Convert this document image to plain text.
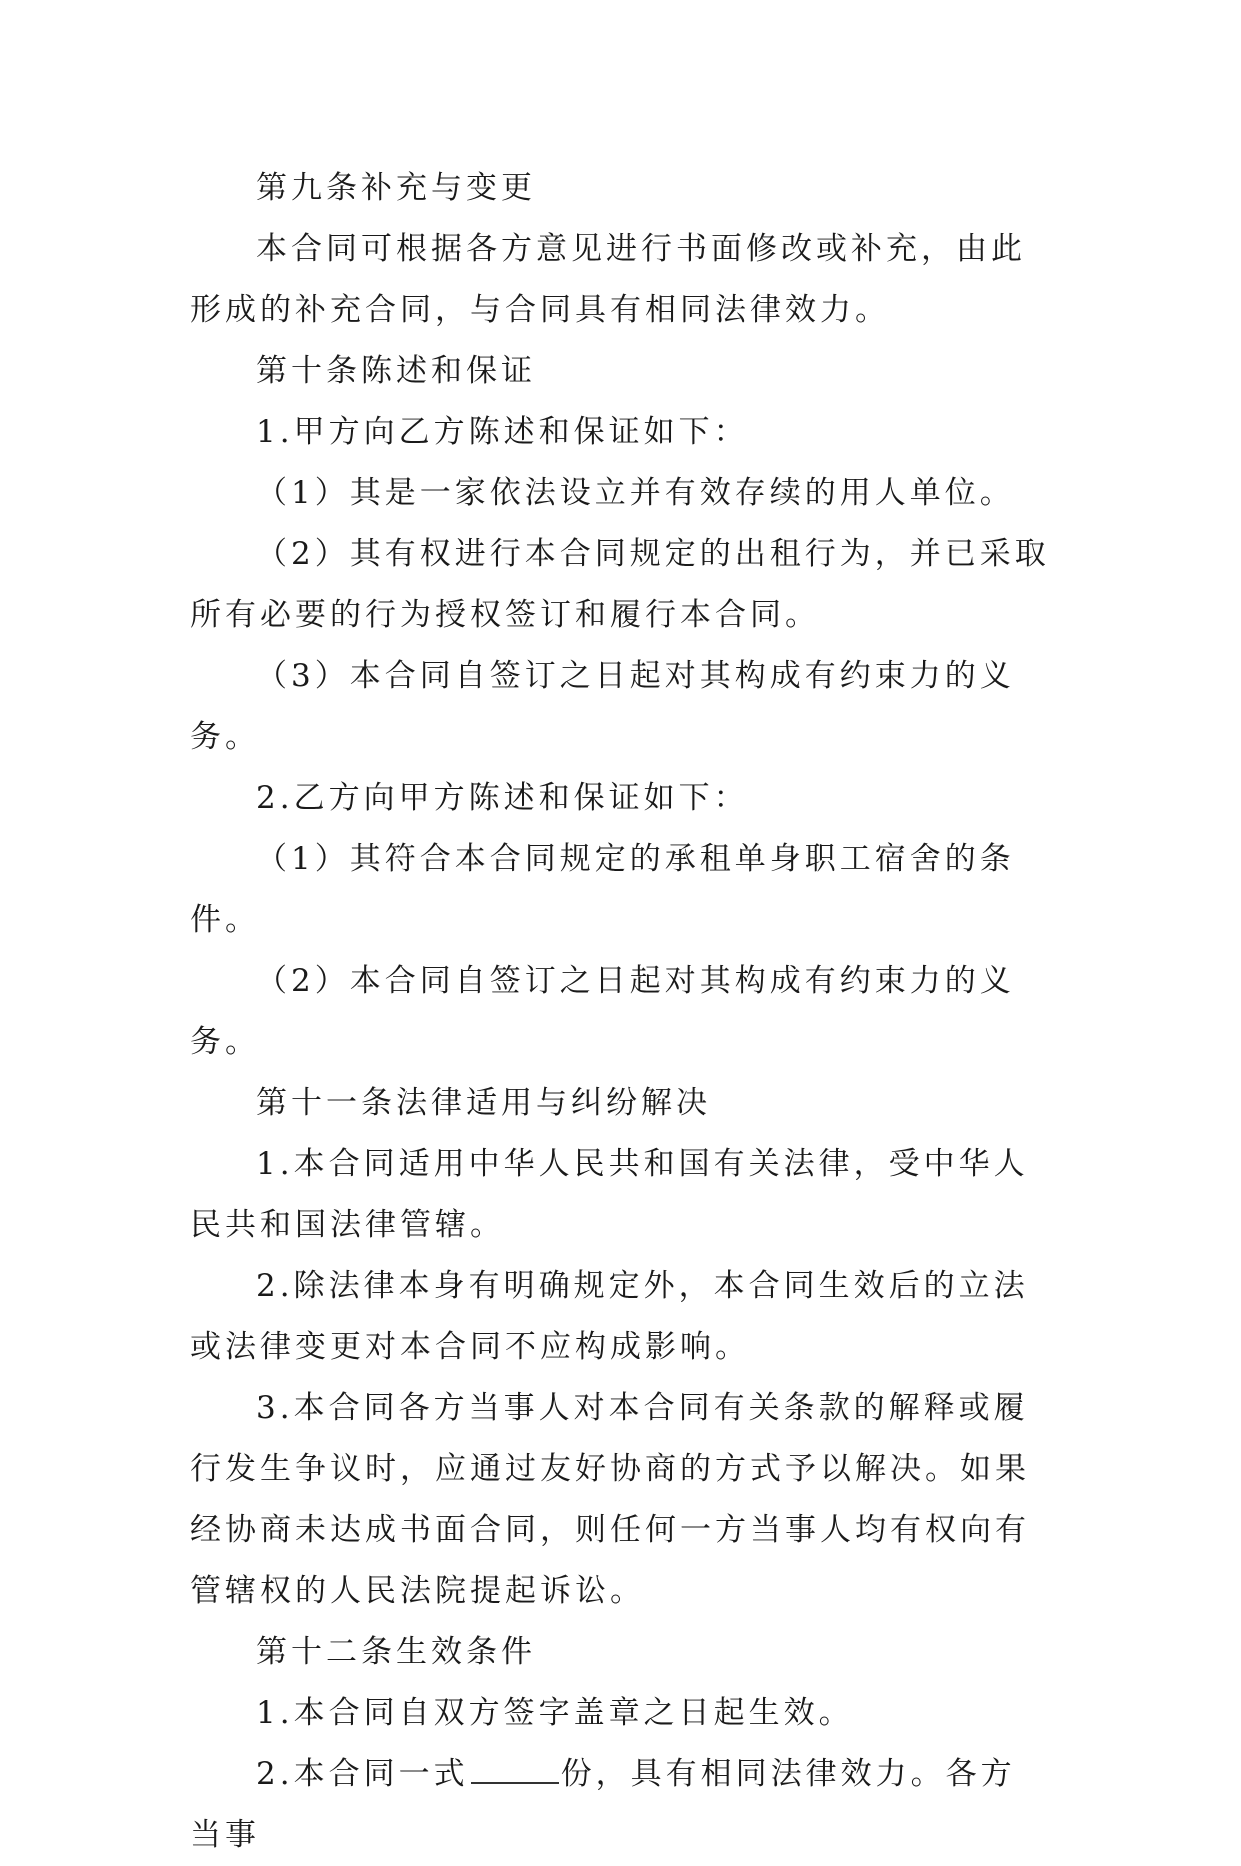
第九条补充与变更

本合同可根据各方意见进行书面修改或补充，由此形成的补充合同，与合同具有相同法律效力。

第十条陈述和保证

1.甲方向乙方陈述和保证如下：

（1）其是一家依法设立并有效存续的用人单位。

（2）其有权进行本合同规定的出租行为，并已采取所有必要的行为授权签订和履行本合同。

（3）本合同自签订之日起对其构成有约束力的义务。

2.乙方向甲方陈述和保证如下：

（1）其符合本合同规定的承租单身职工宿舍的条件。

（2）本合同自签订之日起对其构成有约束力的义务。

第十一条法律适用与纠纷解决

1.本合同适用中华人民共和国有关法律，受中华人民共和国法律管辖。

2.除法律本身有明确规定外，本合同生效后的立法或法律变更对本合同不应构成影响。

3.本合同各方当事人对本合同有关条款的解释或履行发生争议时，应通过友好协商的方式予以解决。如果经协商未达成书面合同，则任何一方当事人均有权向有管辖权的人民法院提起诉讼。

第十二条生效条件

1.本合同自双方签字盖章之日起生效。

2.本合同一式	份，具有相同法律效力。各方当事
